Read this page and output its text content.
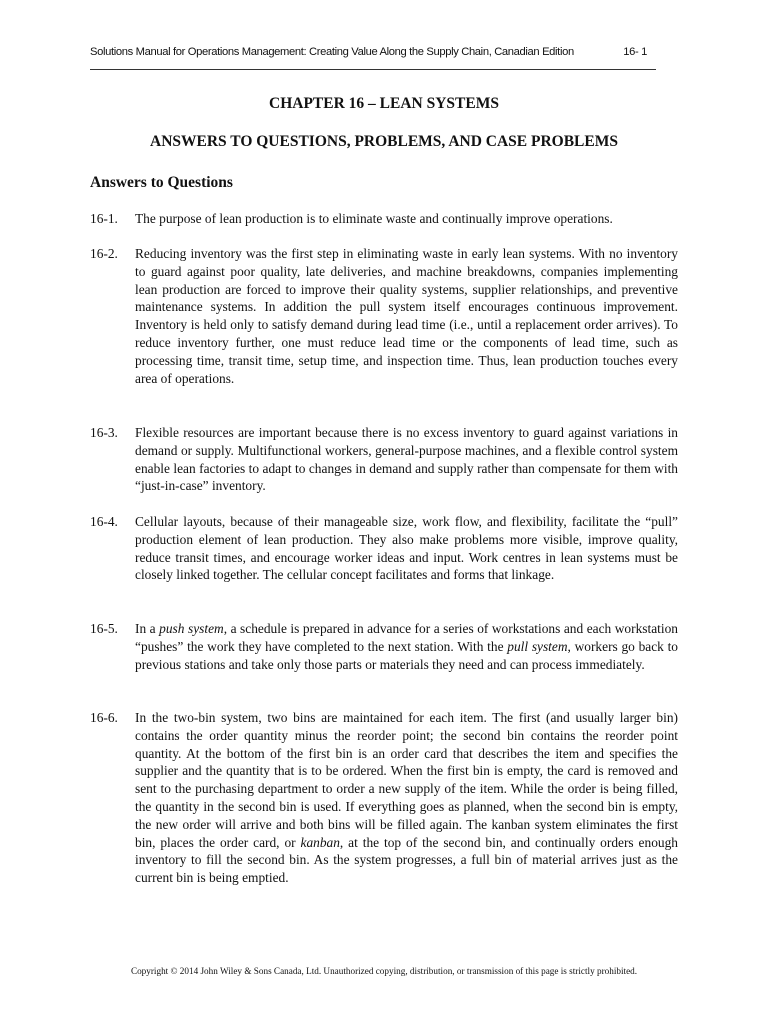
Solutions Manual for Operations Management: Creating Value Along the Supply Chain, Canadian Edition	16- 1
CHAPTER 16 – LEAN SYSTEMS
ANSWERS TO QUESTIONS, PROBLEMS, AND CASE PROBLEMS
Answers to Questions
16-1. The purpose of lean production is to eliminate waste and continually improve operations.
16-2. Reducing inventory was the first step in eliminating waste in early lean systems. With no inventory to guard against poor quality, late deliveries, and machine breakdowns, companies implementing lean production are forced to improve their quality systems, supplier relationships, and preventive maintenance systems. In addition the pull system itself encourages continuous improvement. Inventory is held only to satisfy demand during lead time (i.e., until a replacement order arrives). To reduce inventory further, one must reduce lead time or the components of lead time, such as processing time, transit time, setup time, and inspection time. Thus, lean production touches every area of operations.
16-3. Flexible resources are important because there is no excess inventory to guard against variations in demand or supply. Multifunctional workers, general-purpose machines, and a flexible control system enable lean factories to adapt to changes in demand and supply rather than compensate for them with “just-in-case” inventory.
16-4. Cellular layouts, because of their manageable size, work flow, and flexibility, facilitate the “pull” production element of lean production. They also make problems more visible, improve quality, reduce transit times, and encourage worker ideas and input. Work centres in lean systems must be closely linked together. The cellular concept facilitates and forms that linkage.
16-5. In a push system, a schedule is prepared in advance for a series of workstations and each workstation “pushes” the work they have completed to the next station. With the pull system, workers go back to previous stations and take only those parts or materials they need and can process immediately.
16-6. In the two-bin system, two bins are maintained for each item. The first (and usually larger bin) contains the order quantity minus the reorder point; the second bin contains the reorder point quantity. At the bottom of the first bin is an order card that describes the item and specifies the supplier and the quantity that is to be ordered. When the first bin is empty, the card is removed and sent to the purchasing department to order a new supply of the item. While the order is being filled, the quantity in the second bin is used. If everything goes as planned, when the second bin is empty, the new order will arrive and both bins will be filled again. The kanban system eliminates the first bin, places the order card, or kanban, at the top of the second bin, and continually orders enough inventory to fill the second bin. As the system progresses, a full bin of material arrives just as the current bin is being emptied.
Copyright © 2014 John Wiley & Sons Canada, Ltd. Unauthorized copying, distribution, or transmission of this page is strictly prohibited.
